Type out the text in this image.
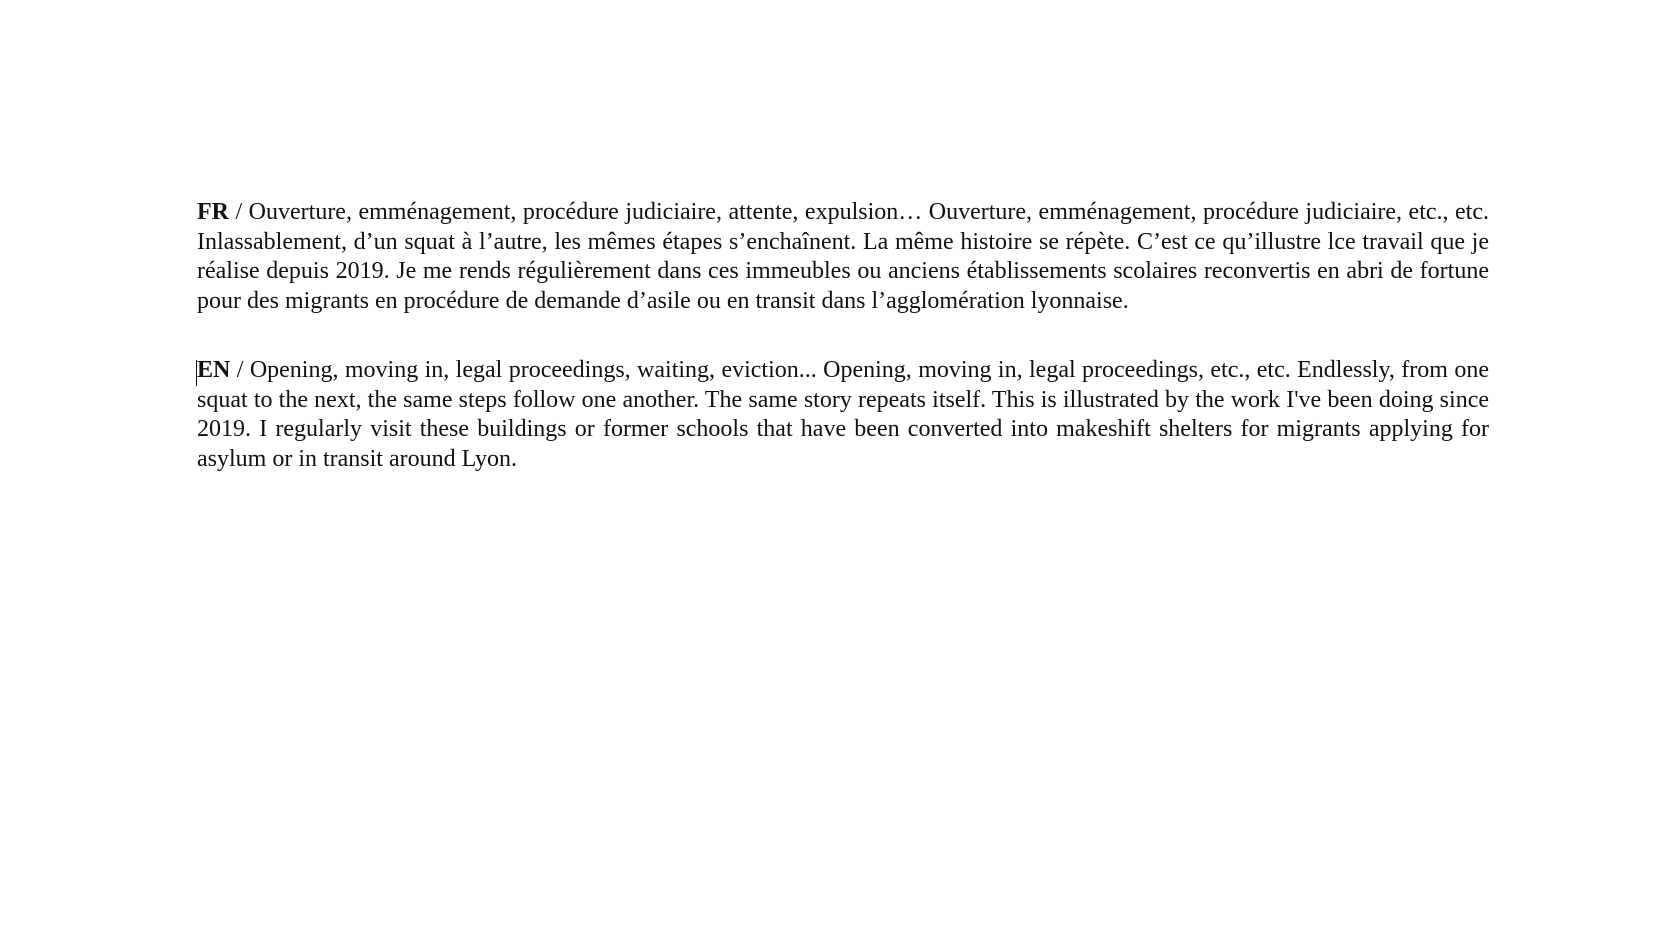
FR / Ouverture, emménagement, procédure judiciaire, attente, expulsion… Ouverture, emménagement, procédure judiciaire, etc., etc. Inlassablement, d’un squat à l’autre, les mêmes étapes s’enchaînent. La même histoire se répète. C’est ce qu’illustre lce travail que je réalise depuis 2019. Je me rends régulièrement dans ces immeubles ou anciens établissements scolaires reconvertis en abri de fortune pour des migrants en procédure de demande d’asile ou en transit dans l’agglomération lyonnaise.

EN / Opening, moving in, legal proceedings, waiting, eviction... Opening, moving in, legal proceedings, etc., etc. Endlessly, from one squat to the next, the same steps follow one another. The same story repeats itself. This is illustrated by the work I've been doing since 2019. I regularly visit these buildings or former schools that have been converted into makeshift shelters for migrants applying for asylum or in transit around Lyon.
